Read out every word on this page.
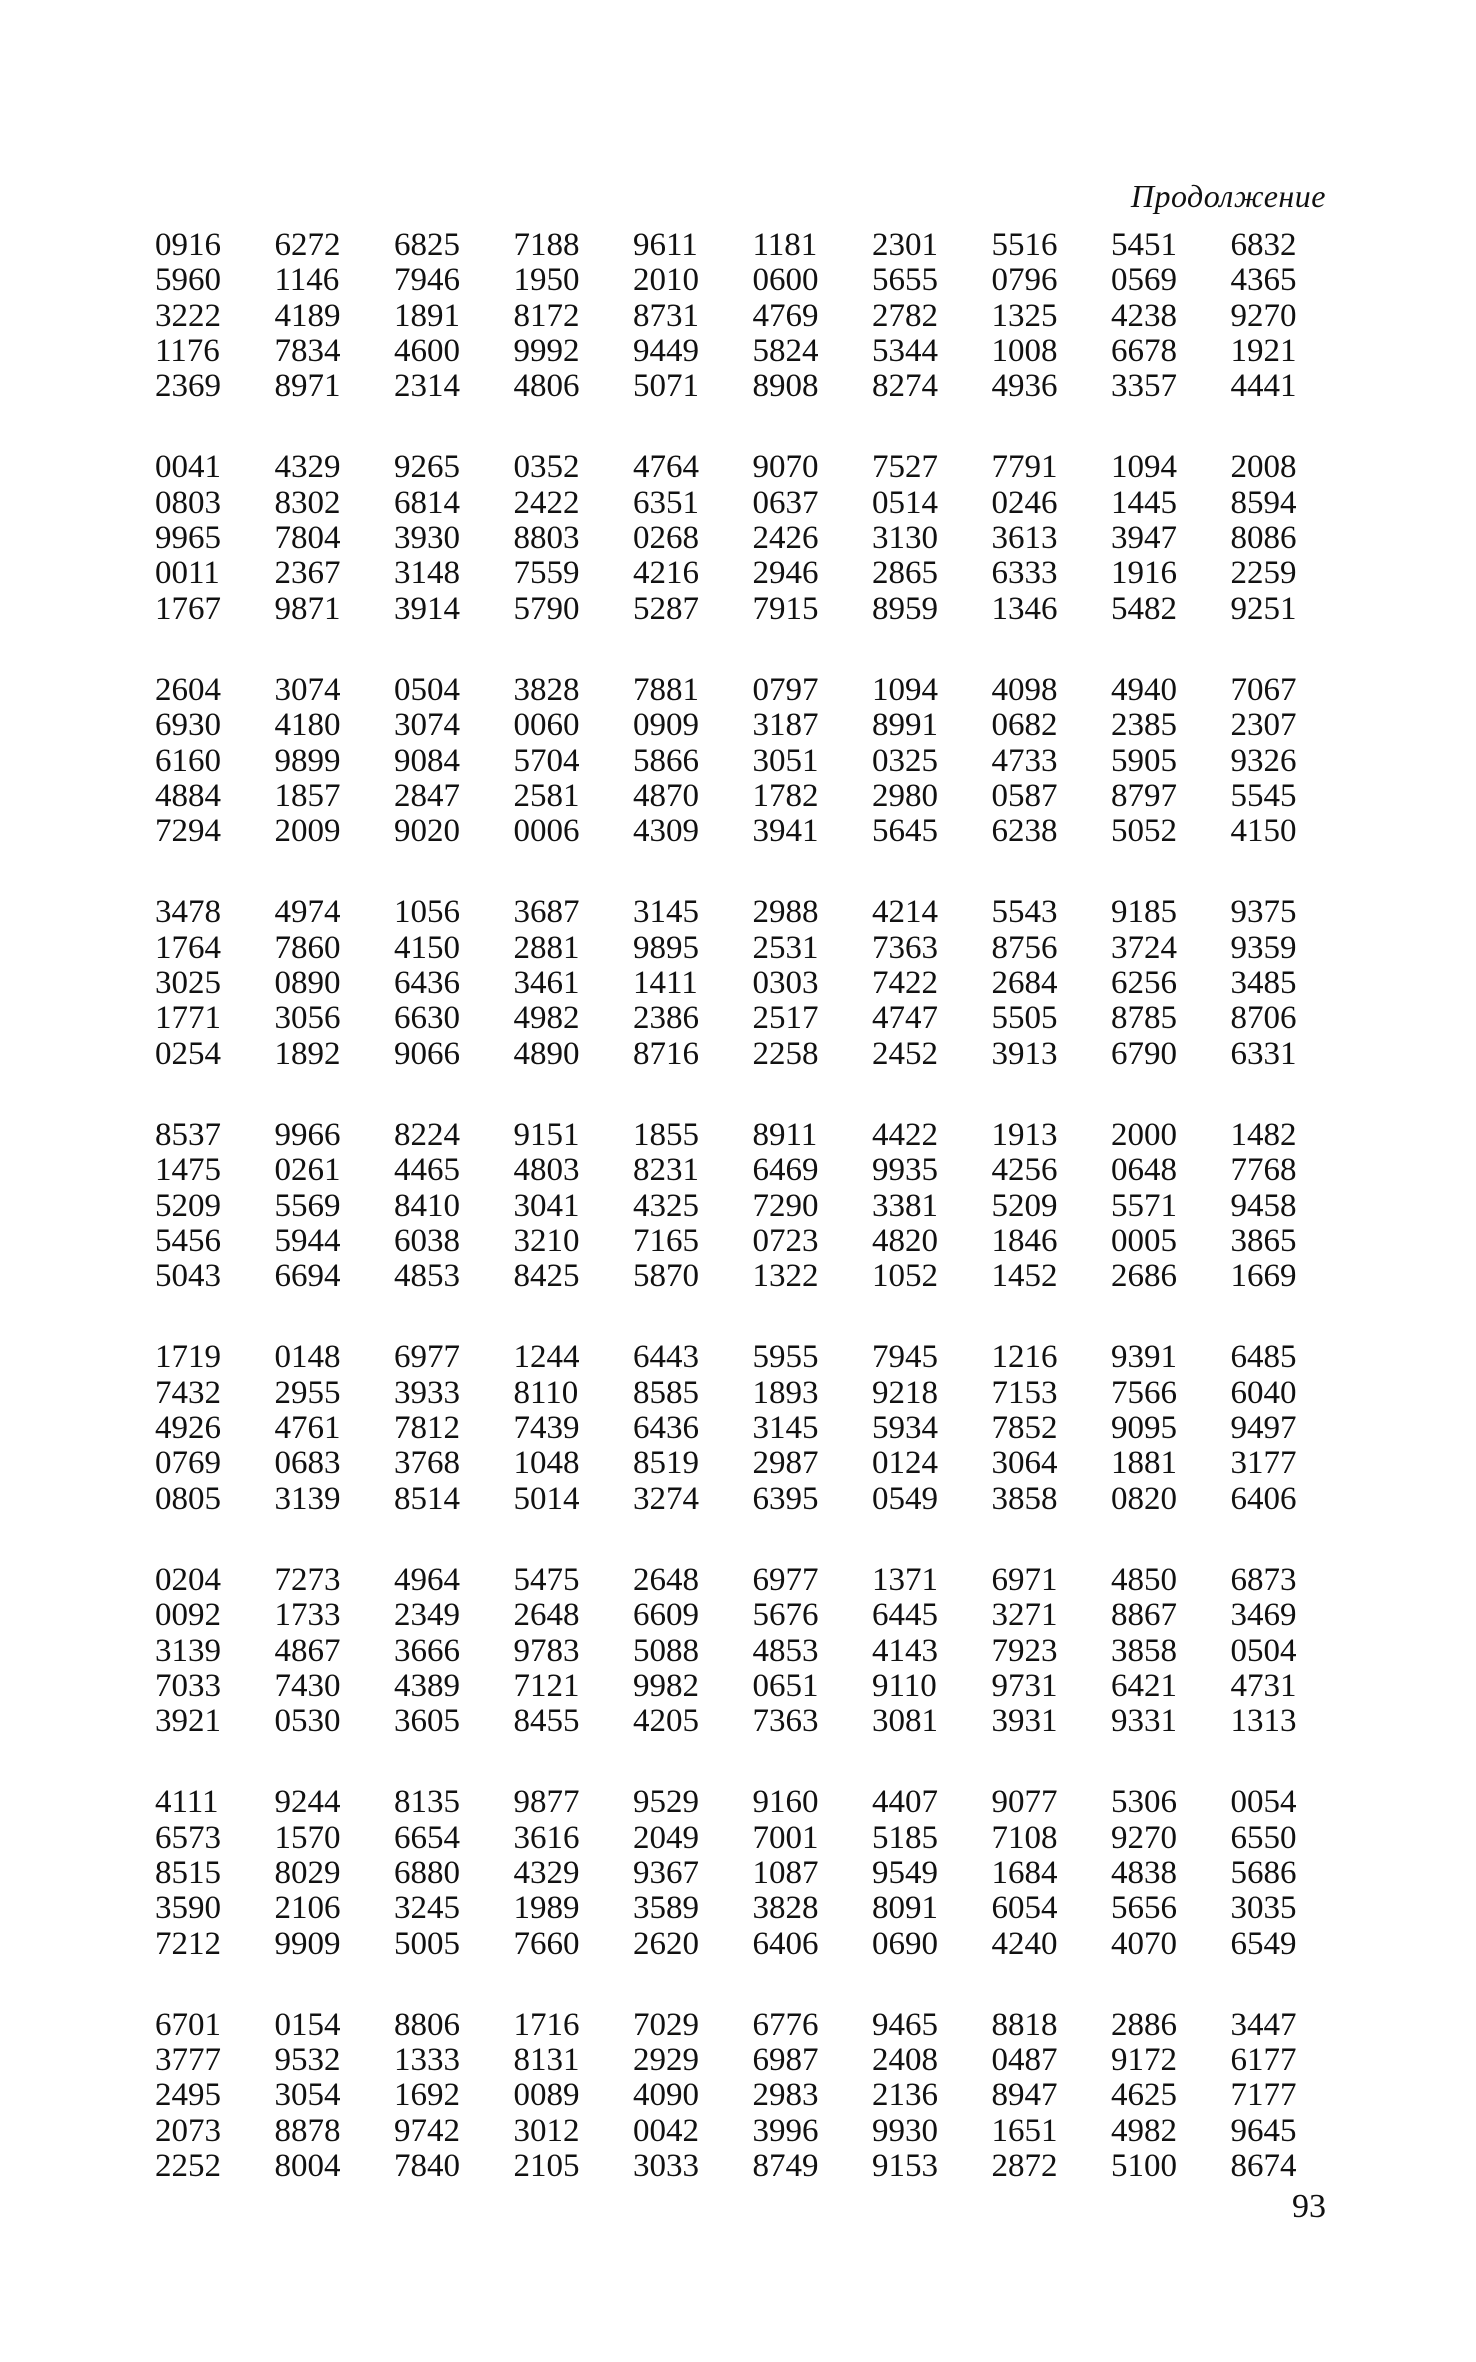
Продолжение
0916	6272	6825	7188	9611	1181	2301	5516	5451	6832
5960	1146	7946	1950	2010	0600	5655	0796	0569	4365
3222	4189	1891	8172	8731	4769	2782	1325	4238	9270
1176	7834	4600	9992	9449	5824	5344	1008	6678	1921
2369	8971	2314	4806	5071	8908	8274	4936	3357	4441
0041	4329	9265	0352	4764	9070	7527	7791	1094	2008
0803	8302	6814	2422	6351	0637	0514	0246	1445	8594
9965	7804	3930	8803	0268	2426	3130	3613	3947	8086
0011	2367	3148	7559	4216	2946	2865	6333	1916	2259
1767	9871	3914	5790	5287	7915	8959	1346	5482	9251
2604	3074	0504	3828	7881	0797	1094	4098	4940	7067
6930	4180	3074	0060	0909	3187	8991	0682	2385	2307
6160	9899	9084	5704	5866	3051	0325	4733	5905	9326
4884	1857	2847	2581	4870	1782	2980	0587	8797	5545
7294	2009	9020	0006	4309	3941	5645	6238	5052	4150
3478	4974	1056	3687	3145	2988	4214	5543	9185	9375
1764	7860	4150	2881	9895	2531	7363	8756	3724	9359
3025	0890	6436	3461	1411	0303	7422	2684	6256	3485
1771	3056	6630	4982	2386	2517	4747	5505	8785	8706
0254	1892	9066	4890	8716	2258	2452	3913	6790	6331
8537	9966	8224	9151	1855	8911	4422	1913	2000	1482
1475	0261	4465	4803	8231	6469	9935	4256	0648	7768
5209	5569	8410	3041	4325	7290	3381	5209	5571	9458
5456	5944	6038	3210	7165	0723	4820	1846	0005	3865
5043	6694	4853	8425	5870	1322	1052	1452	2686	1669
1719	0148	6977	1244	6443	5955	7945	1216	9391	6485
7432	2955	3933	8110	8585	1893	9218	7153	7566	6040
4926	4761	7812	7439	6436	3145	5934	7852	9095	9497
0769	0683	3768	1048	8519	2987	0124	3064	1881	3177
0805	3139	8514	5014	3274	6395	0549	3858	0820	6406
0204	7273	4964	5475	2648	6977	1371	6971	4850	6873
0092	1733	2349	2648	6609	5676	6445	3271	8867	3469
3139	4867	3666	9783	5088	4853	4143	7923	3858	0504
7033	7430	4389	7121	9982	0651	9110	9731	6421	4731
3921	0530	3605	8455	4205	7363	3081	3931	9331	1313
4111	9244	8135	9877	9529	9160	4407	9077	5306	0054
6573	1570	6654	3616	2049	7001	5185	7108	9270	6550
8515	8029	6880	4329	9367	1087	9549	1684	4838	5686
3590	2106	3245	1989	3589	3828	8091	6054	5656	3035
7212	9909	5005	7660	2620	6406	0690	4240	4070	6549
6701	0154	8806	1716	7029	6776	9465	8818	2886	3447
3777	9532	1333	8131	2929	6987	2408	0487	9172	6177
2495	3054	1692	0089	4090	2983	2136	8947	4625	7177
2073	8878	9742	3012	0042	3996	9930	1651	4982	9645
2252	8004	7840	2105	3033	8749	9153	2872	5100	8674
93
